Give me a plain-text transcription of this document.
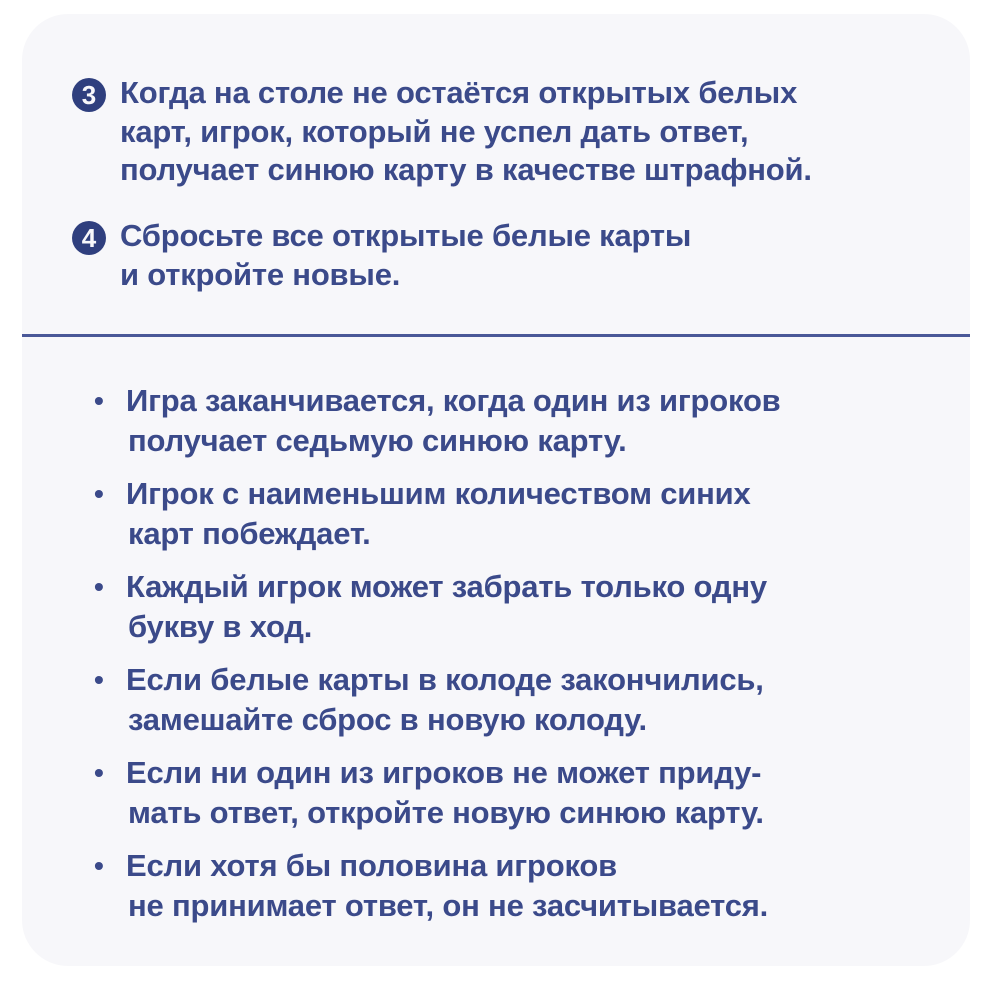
3 Когда на столе не остаётся открытых белых
карт, игрок, который не успел дать ответ,
получает синюю карту в качестве штрафной.
4 Сбросьте все открытые белые карты
и откройте новые.
• Игра заканчивается, когда один из игроков
получает седьмую синюю карту.
• Игрок с наименьшим количеством синих
карт побеждает.
• Каждый игрок может забрать только одну
букву в ход.
• Если белые карты в колоде закончились,
замешайте сброс в новую колоду.
• Если ни один из игроков не может приду-
мать ответ, откройте новую синюю карту.
• Если хотя бы половина игроков
не принимает ответ, он не засчитывается.
